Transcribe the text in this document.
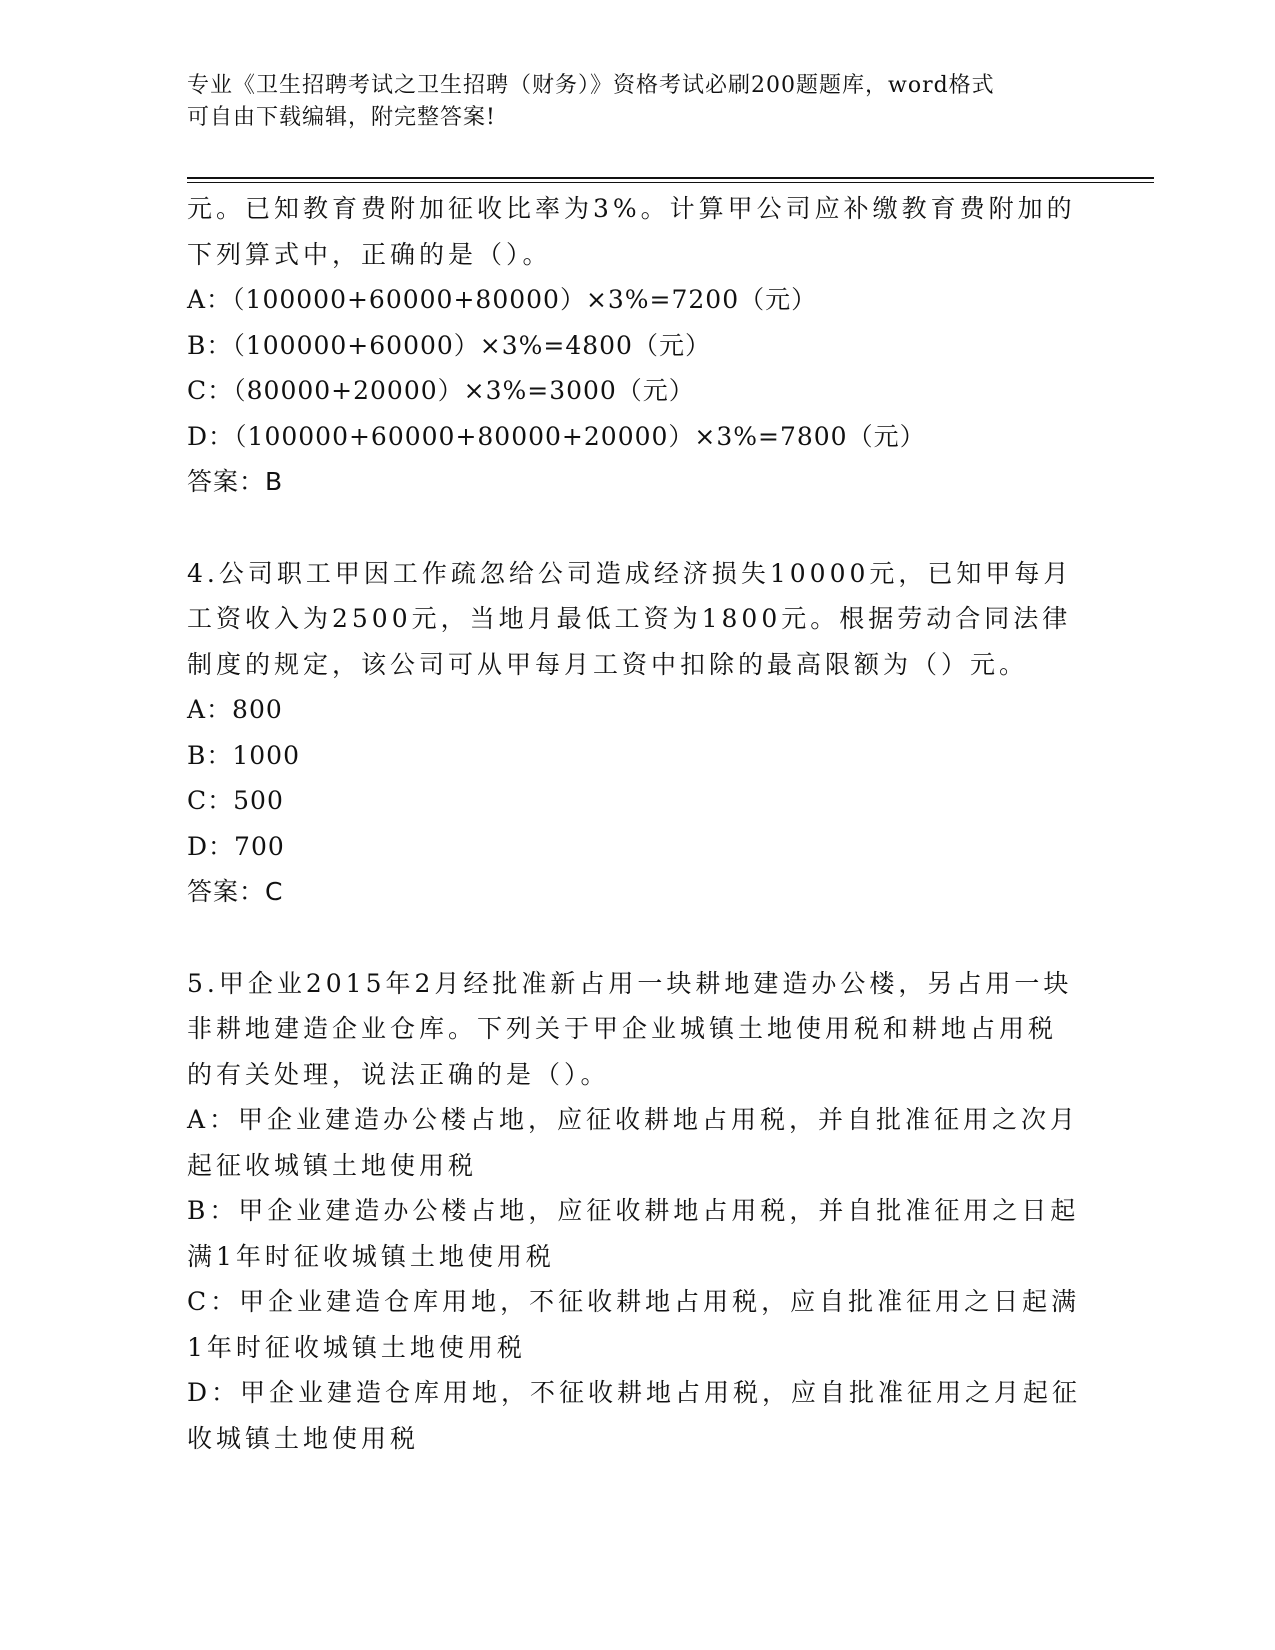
专业《卫生招聘考试之卫生招聘（财务）》资格考试必刷200题题库，word格式
可自由下载编辑，附完整答案!
元。已知教育费附加征收比率为3%。计算甲公司应补缴教育费附加的
下列算式中，正确的是（）。
A：（100000+60000+80000）×3%=7200（元）
B：（100000+60000）×3%=4800（元）
C：（80000+20000）×3%=3000（元）
D：（100000+60000+80000+20000）×3%=7800（元）
答案：B
4.公司职工甲因工作疏忽给公司造成经济损失10000元，已知甲每月
工资收入为2500元，当地月最低工资为1800元。根据劳动合同法律
制度的规定，该公司可从甲每月工资中扣除的最高限额为（）元。
A：800
B：1000
C：500
D：700
答案：C
5.甲企业2015年2月经批准新占用一块耕地建造办公楼，另占用一块
非耕地建造企业仓库。下列关于甲企业城镇土地使用税和耕地占用税
的有关处理，说法正确的是（）。
A：甲企业建造办公楼占地，应征收耕地占用税，并自批准征用之次月
起征收城镇土地使用税
B：甲企业建造办公楼占地，应征收耕地占用税，并自批准征用之日起
满1年时征收城镇土地使用税
C：甲企业建造仓库用地，不征收耕地占用税，应自批准征用之日起满
1年时征收城镇土地使用税
D：甲企业建造仓库用地，不征收耕地占用税，应自批准征用之月起征
收城镇土地使用税
